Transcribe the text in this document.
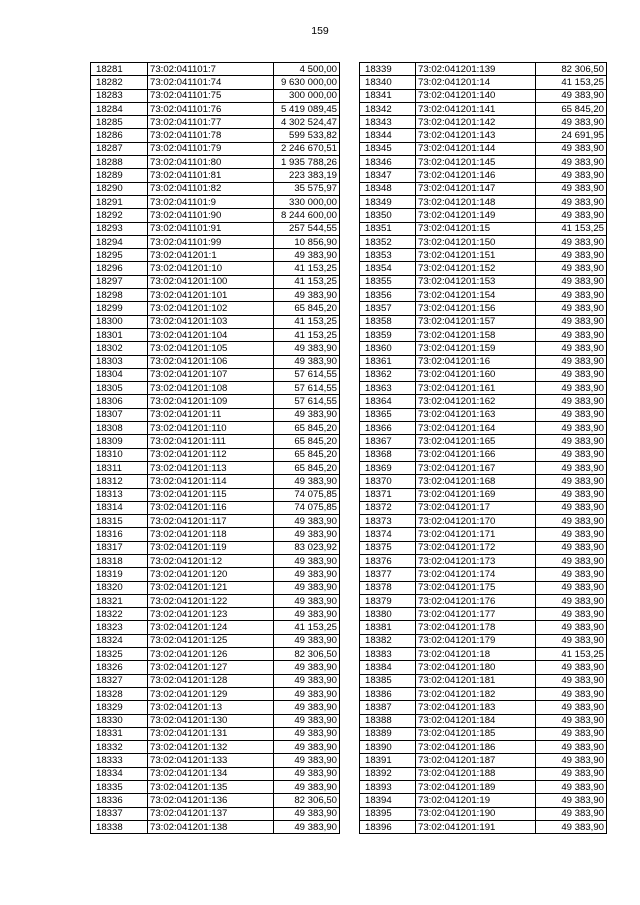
159
18281	73:02:041101:7	4 500,00
18282	73:02:041101:74	9 630 000,00
18283	73:02:041101:75	300 000,00
18284	73:02:041101:76	5 419 089,45
18285	73:02:041101:77	4 302 524,47
18286	73:02:041101:78	599 533,82
18287	73:02:041101:79	2 246 670,51
18288	73:02:041101:80	1 935 788,26
18289	73:02:041101:81	223 383,19
18290	73:02:041101:82	35 575,97
18291	73:02:041101:9	330 000,00
18292	73:02:041101:90	8 244 600,00
18293	73:02:041101:91	257 544,55
18294	73:02:041101:99	10 856,90
18295	73:02:041201:1	49 383,90
18296	73:02:041201:10	41 153,25
18297	73:02:041201:100	41 153,25
18298	73:02:041201:101	49 383,90
18299	73:02:041201:102	65 845,20
18300	73:02:041201:103	41 153,25
18301	73:02:041201:104	41 153,25
18302	73:02:041201:105	49 383,90
18303	73:02:041201:106	49 383,90
18304	73:02:041201:107	57 614,55
18305	73:02:041201:108	57 614,55
18306	73:02:041201:109	57 614,55
18307	73:02:041201:11	49 383,90
18308	73:02:041201:110	65 845,20
18309	73:02:041201:111	65 845,20
18310	73:02:041201:112	65 845,20
18311	73:02:041201:113	65 845,20
18312	73:02:041201:114	49 383,90
18313	73:02:041201:115	74 075,85
18314	73:02:041201:116	74 075,85
18315	73:02:041201:117	49 383,90
18316	73:02:041201:118	49 383,90
18317	73:02:041201:119	83 023,92
18318	73:02:041201:12	49 383,90
18319	73:02:041201:120	49 383,90
18320	73:02:041201:121	49 383,90
18321	73:02:041201:122	49 383,90
18322	73:02:041201:123	49 383,90
18323	73:02:041201:124	41 153,25
18324	73:02:041201:125	49 383,90
18325	73:02:041201:126	82 306,50
18326	73:02:041201:127	49 383,90
18327	73:02:041201:128	49 383,90
18328	73:02:041201:129	49 383,90
18329	73:02:041201:13	49 383,90
18330	73:02:041201:130	49 383,90
18331	73:02:041201:131	49 383,90
18332	73:02:041201:132	49 383,90
18333	73:02:041201:133	49 383,90
18334	73:02:041201:134	49 383,90
18335	73:02:041201:135	49 383,90
18336	73:02:041201:136	82 306,50
18337	73:02:041201:137	49 383,90
18338	73:02:041201:138	49 383,90
18339	73:02:041201:139	82 306,50
18340	73:02:041201:14	41 153,25
18341	73:02:041201:140	49 383,90
18342	73:02:041201:141	65 845,20
18343	73:02:041201:142	49 383,90
18344	73:02:041201:143	24 691,95
18345	73:02:041201:144	49 383,90
18346	73:02:041201:145	49 383,90
18347	73:02:041201:146	49 383,90
18348	73:02:041201:147	49 383,90
18349	73:02:041201:148	49 383,90
18350	73:02:041201:149	49 383,90
18351	73:02:041201:15	41 153,25
18352	73:02:041201:150	49 383,90
18353	73:02:041201:151	49 383,90
18354	73:02:041201:152	49 383,90
18355	73:02:041201:153	49 383,90
18356	73:02:041201:154	49 383,90
18357	73:02:041201:156	49 383,90
18358	73:02:041201:157	49 383,90
18359	73:02:041201:158	49 383,90
18360	73:02:041201:159	49 383,90
18361	73:02:041201:16	49 383,90
18362	73:02:041201:160	49 383,90
18363	73:02:041201:161	49 383,90
18364	73:02:041201:162	49 383,90
18365	73:02:041201:163	49 383,90
18366	73:02:041201:164	49 383,90
18367	73:02:041201:165	49 383,90
18368	73:02:041201:166	49 383,90
18369	73:02:041201:167	49 383,90
18370	73:02:041201:168	49 383,90
18371	73:02:041201:169	49 383,90
18372	73:02:041201:17	49 383,90
18373	73:02:041201:170	49 383,90
18374	73:02:041201:171	49 383,90
18375	73:02:041201:172	49 383,90
18376	73:02:041201:173	49 383,90
18377	73:02:041201:174	49 383,90
18378	73:02:041201:175	49 383,90
18379	73:02:041201:176	49 383,90
18380	73:02:041201:177	49 383,90
18381	73:02:041201:178	49 383,90
18382	73:02:041201:179	49 383,90
18383	73:02:041201:18	41 153,25
18384	73:02:041201:180	49 383,90
18385	73:02:041201:181	49 383,90
18386	73:02:041201:182	49 383,90
18387	73:02:041201:183	49 383,90
18388	73:02:041201:184	49 383,90
18389	73:02:041201:185	49 383,90
18390	73:02:041201:186	49 383,90
18391	73:02:041201:187	49 383,90
18392	73:02:041201:188	49 383,90
18393	73:02:041201:189	49 383,90
18394	73:02:041201:19	49 383,90
18395	73:02:041201:190	49 383,90
18396	73:02:041201:191	49 383,90
